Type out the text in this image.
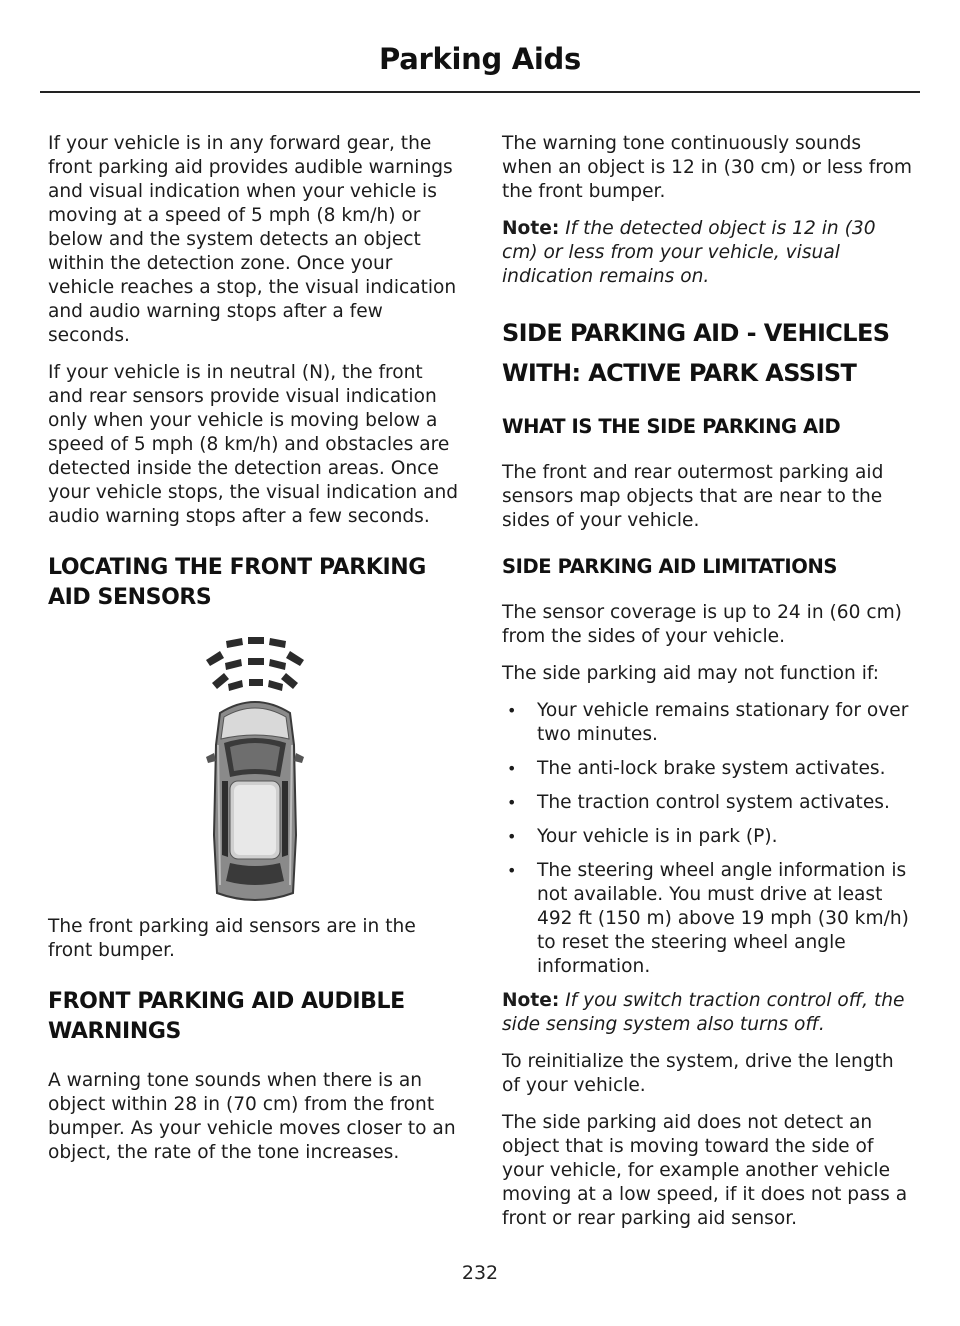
Parking Aids

If your vehicle is in any forward gear, the front parking aid provides audible warnings and visual indication when your vehicle is moving at a speed of 5 mph (8 km/h) or below and the system detects an object within the detection zone. Once your vehicle reaches a stop, the visual indication and audio warning stops after a few seconds.

If your vehicle is in neutral (N), the front and rear sensors provide visual indication only when your vehicle is moving below a speed of 5 mph (8 km/h) and obstacles are detected inside the detection areas. Once your vehicle stops, the visual indication and audio warning stops after a few seconds.

LOCATING THE FRONT PARKING AID SENSORS

The front parking aid sensors are in the front bumper.

FRONT PARKING AID AUDIBLE WARNINGS

A warning tone sounds when there is an object within 28 in (70 cm) from the front bumper. As your vehicle moves closer to an object, the rate of the tone increases.

The warning tone continuously sounds when an object is 12 in (30 cm) or less from the front bumper.

Note: If the detected object is 12 in (30 cm) or less from your vehicle, visual indication remains on.

SIDE PARKING AID - VEHICLES WITH: ACTIVE PARK ASSIST
WHAT IS THE SIDE PARKING AID

The front and rear outermost parking aid sensors map objects that are near to the sides of your vehicle.

SIDE PARKING AID LIMITATIONS

The sensor coverage is up to 24 in (60 cm) from the sides of your vehicle.

The side parking aid may not function if:

• Your vehicle remains stationary for over two minutes.
• The anti-lock brake system activates.
• The traction control system activates.
• Your vehicle is in park (P).
• The steering wheel angle information is not available. You must drive at least 492 ft (150 m) above 19 mph (30 km/h) to reset the steering wheel angle information.

Note: If you switch traction control off, the side sensing system also turns off.

To reinitialize the system, drive the length of your vehicle.

The side parking aid does not detect an object that is moving toward the side of your vehicle, for example another vehicle moving at a low speed, if it does not pass a front or rear parking aid sensor.

232
